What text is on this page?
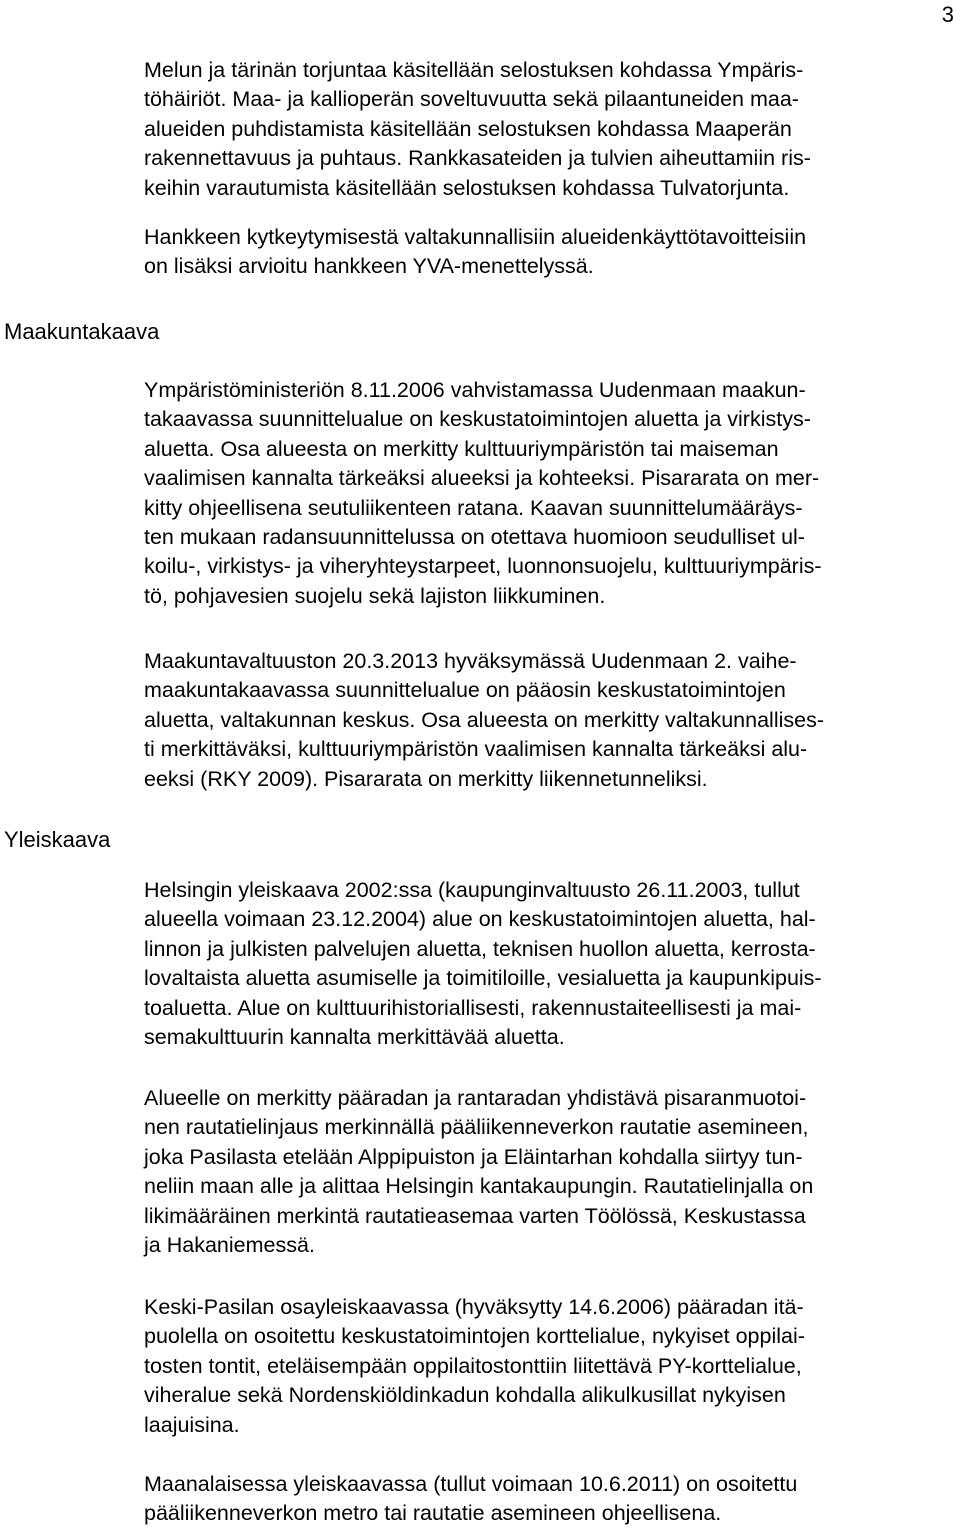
3
Maakuntakaava
Yleiskaava
Melun ja tärinän torjuntaa käsitellään selostuksen kohdassa Ympäris-
töhäiriöt. Maa- ja kallioperän soveltuvuutta sekä pilaantuneiden maa-
alueiden puhdistamista käsitellään selostuksen kohdassa Maaperän
rakennettavuus ja puhtaus. Rankkasateiden ja tulvien aiheuttamiin ris-
keihin varautumista käsitellään selostuksen kohdassa Tulvatorjunta.
Hankkeen kytkeytymisestä valtakunnallisiin alueidenkäyttötavoitteisiin
on lisäksi arvioitu hankkeen YVA-menettelyssä.
Ympäristöministeriön 8.11.2006 vahvistamassa Uudenmaan maakun-
takaavassa suunnittelualue on keskustatoimintojen aluetta ja virkistys-
aluetta. Osa alueesta on merkitty kulttuuriympäristön tai maiseman
vaalimisen kannalta tärkeäksi alueeksi ja kohteeksi. Pisararata on mer-
kitty ohjeellisena seutuliikenteen ratana. Kaavan suunnittelumääräys-
ten mukaan radansuunnittelussa on otettava huomioon seudulliset ul-
koilu-, virkistys- ja viheryhteystarpeet, luonnonsuojelu, kulttuuriympäris-
tö, pohjavesien suojelu sekä lajiston liikkuminen.
Maakuntavaltuuston 20.3.2013 hyväksymässä Uudenmaan 2. vaihe-
maakuntakaavassa suunnittelualue on pääosin keskustatoimintojen
aluetta, valtakunnan keskus. Osa alueesta on merkitty valtakunnallises-
ti merkittäväksi, kulttuuriympäristön vaalimisen kannalta tärkeäksi alu-
eeksi (RKY 2009). Pisararata on merkitty liikennetunneliksi.
Helsingin yleiskaava 2002:ssa (kaupunginvaltuusto 26.11.2003, tullut
alueella voimaan 23.12.2004) alue on keskustatoimintojen aluetta, hal-
linnon ja julkisten palvelujen aluetta, teknisen huollon aluetta, kerrosta-
lovaltaista aluetta asumiselle ja toimitiloille, vesialuetta ja kaupunkipuis-
toaluetta. Alue on kulttuurihistoriallisesti, rakennustaiteellisesti ja mai-
semakulttuurin kannalta merkittävää aluetta.
Alueelle on merkitty pääradan ja rantaradan yhdistävä pisaranmuotoi-
nen rautatielinjaus merkinnällä pääliikenneverkon rautatie asemineen,
joka Pasilasta etelään Alppipuiston ja Eläintarhan kohdalla siirtyy tun-
neliin maan alle ja alittaa Helsingin kantakaupungin. Rautatielinjalla on
likimääräinen merkintä rautatieasemaa varten Töölössä, Keskustassa
ja Hakaniemessä.
Keski-Pasilan osayleiskaavassa (hyväksytty 14.6.2006) pääradan itä-
puolella on osoitettu keskustatoimintojen korttelialue, nykyiset oppilai-
tosten tontit, eteläisempään oppilaitostonttiin liitettävä PY-korttelialue,
viheralue sekä Nordenskiöldinkadun kohdalla alikulkusillat nykyisen
laajuisina.
Maanalaisessa yleiskaavassa (tullut voimaan 10.6.2011) on osoitettu
pääliikenneverkon metro tai rautatie asemineen ohjeellisena.
